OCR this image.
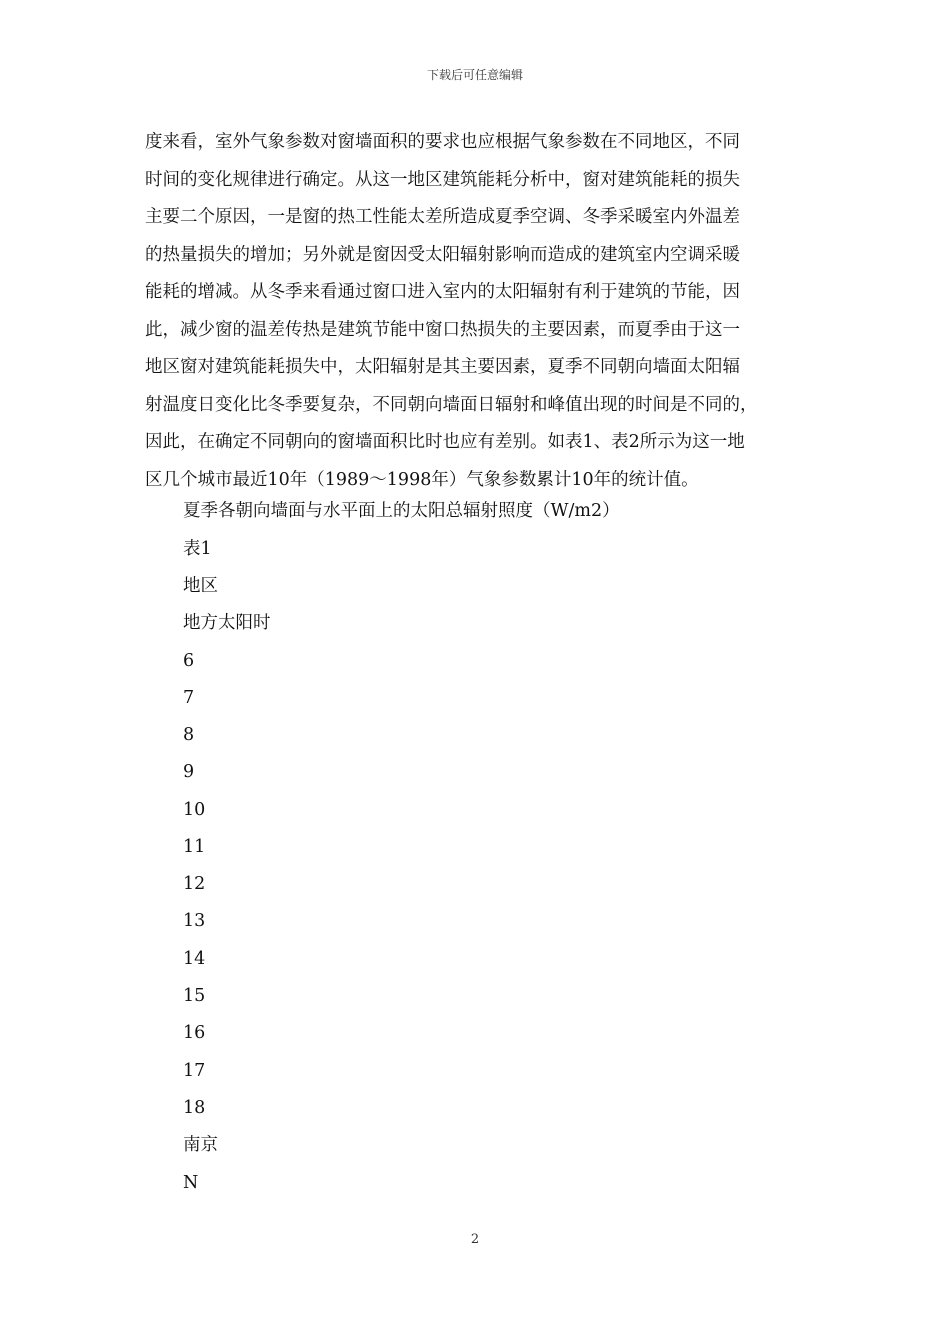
下载后可任意编辑
度来看，室外气象参数对窗墙面积的要求也应根据气象参数在不同地区，不同
时间的变化规律进行确定。从这一地区建筑能耗分析中，窗对建筑能耗的损失
主要二个原因，一是窗的热工性能太差所造成夏季空调、冬季采暖室内外温差
的热量损失的增加；另外就是窗因受太阳辐射影响而造成的建筑室内空调采暖
能耗的增减。从冬季来看通过窗口进入室内的太阳辐射有利于建筑的节能，因
此，减少窗的温差传热是建筑节能中窗口热损失的主要因素，而夏季由于这一
地区窗对建筑能耗损失中，太阳辐射是其主要因素，夏季不同朝向墙面太阳辐
射温度日变化比冬季要复杂，不同朝向墙面日辐射和峰值出现的时间是不同的，
因此，在确定不同朝向的窗墙面积比时也应有差别。如表1、表2所示为这一地
区几个城市最近10年（1989～1998年）气象参数累计10年的统计值。
夏季各朝向墙面与水平面上的太阳总辐射照度（W/m2）
表1
地区
地方太阳时
6
7
8
9
10
11
12
13
14
15
16
17
18
南京
N
2
